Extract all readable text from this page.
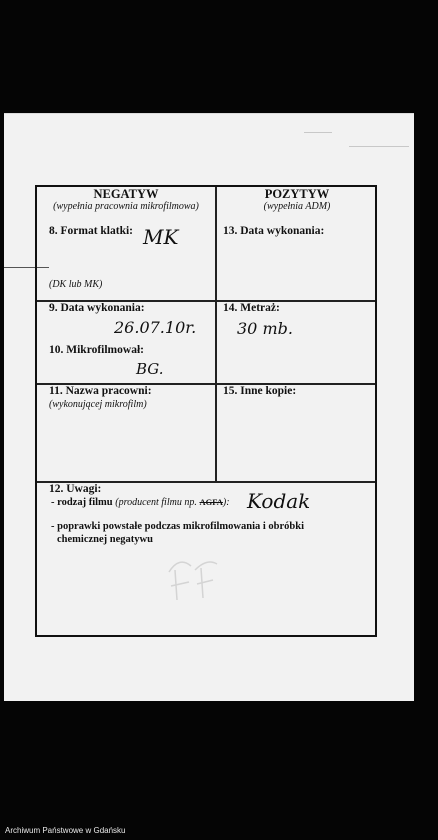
NEGATYW
(wypełnia pracownia mikrofilmowa)
POZYTYW
(wypełnia ADM)
8. Format klatki: MK
(DK lub MK)
13. Data wykonania:
9. Data wykonania:
26.07.10r.
10. Mikrofilmował:
BG.
14. Metraż:
30 mb.
11. Nazwa pracowni:
(wykonującej mikrofilm)
15. Inne kopie:
12. Uwagi:
- rodzaj filmu (producent filmu np. AGFA): Kodak
- poprawki powstałe podczas mikrofilmowania i obróbki
chemicznej negatywu
Archiwum Państwowe w Gdańsku
